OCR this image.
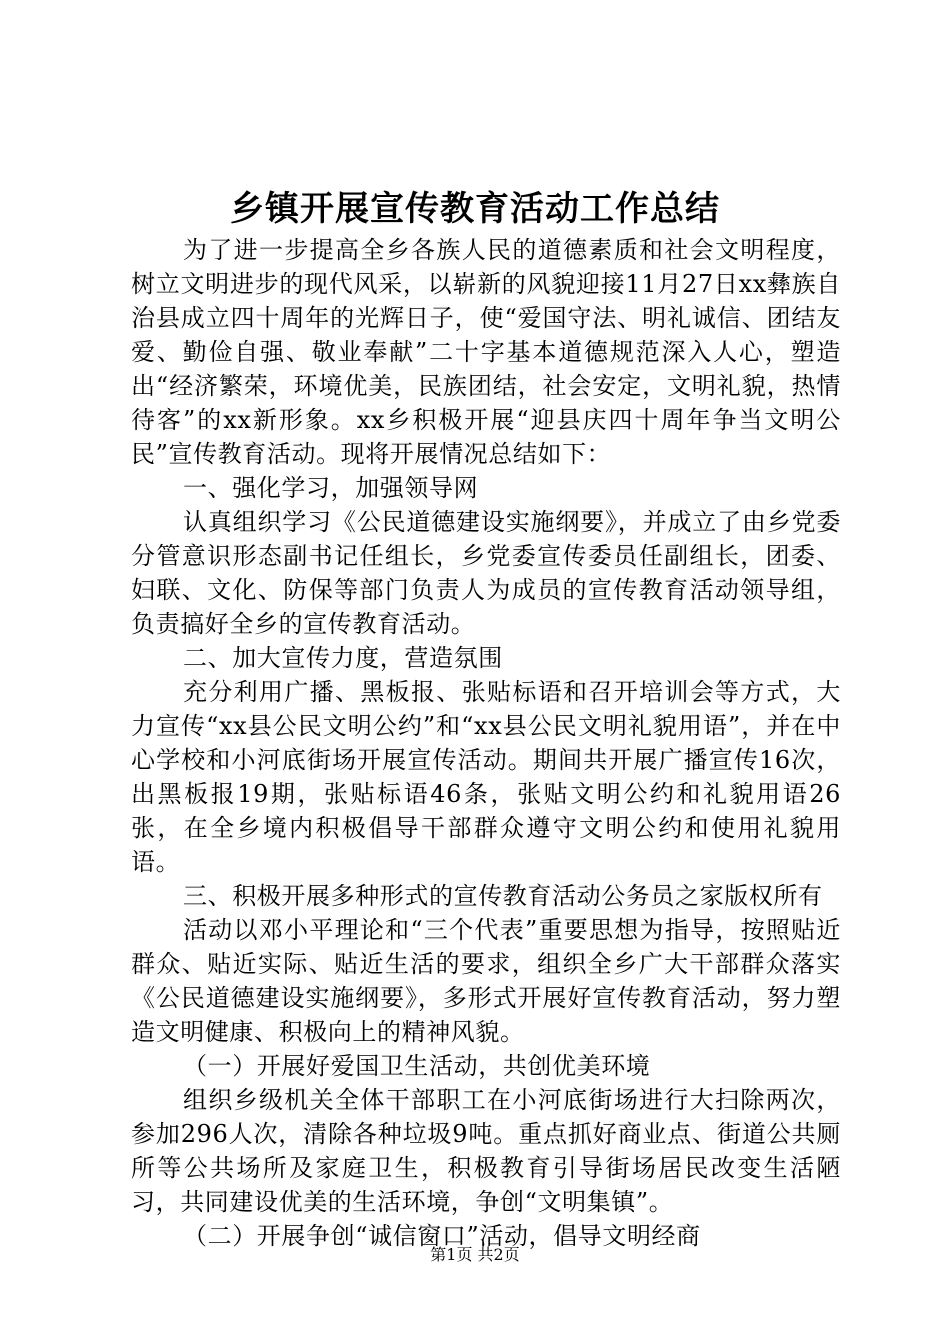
乡镇开展宣传教育活动工作总结

为了进一步提高全乡各族人民的道德素质和社会文明程度，树立文明进步的现代风采，以崭新的风貌迎接11月27日xx彝族自治县成立四十周年的光辉日子，使“爱国守法、明礼诚信、团结友爱、勤俭自强、敬业奉献”二十字基本道德规范深入人心，塑造出“经济繁荣，环境优美，民族团结，社会安定，文明礼貌，热情待客”的xx新形象。xx乡积极开展“迎县庆四十周年争当文明公民”宣传教育活动。现将开展情况总结如下：

一、强化学习，加强领导网

认真组织学习《公民道德建设实施纲要》，并成立了由乡党委分管意识形态副书记任组长，乡党委宣传委员任副组长，团委、妇联、文化、防保等部门负责人为成员的宣传教育活动领导组，负责搞好全乡的宣传教育活动。

二、加大宣传力度，营造氛围

充分利用广播、黑板报、张贴标语和召开培训会等方式，大力宣传“xx县公民文明公约”和“xx县公民文明礼貌用语”，并在中心学校和小河底街场开展宣传活动。期间共开展广播宣传16次，出黑板报19期，张贴标语46条，张贴文明公约和礼貌用语26张，在全乡境内积极倡导干部群众遵守文明公约和使用礼貌用语。

三、积极开展多种形式的宣传教育活动公务员之家版权所有

活动以邓小平理论和“三个代表”重要思想为指导，按照贴近群众、贴近实际、贴近生活的要求，组织全乡广大干部群众落实《公民道德建设实施纲要》，多形式开展好宣传教育活动，努力塑造文明健康、积极向上的精神风貌。

（一）开展好爱国卫生活动，共创优美环境

组织乡级机关全体干部职工在小河底街场进行大扫除两次，参加296人次，清除各种垃圾9吨。重点抓好商业点、街道公共厕所等公共场所及家庭卫生，积极教育引导街场居民改变生活陋习，共同建设优美的生活环境，争创“文明集镇”。

（二）开展争创“诚信窗口”活动，倡导文明经商

第1页 共2页
